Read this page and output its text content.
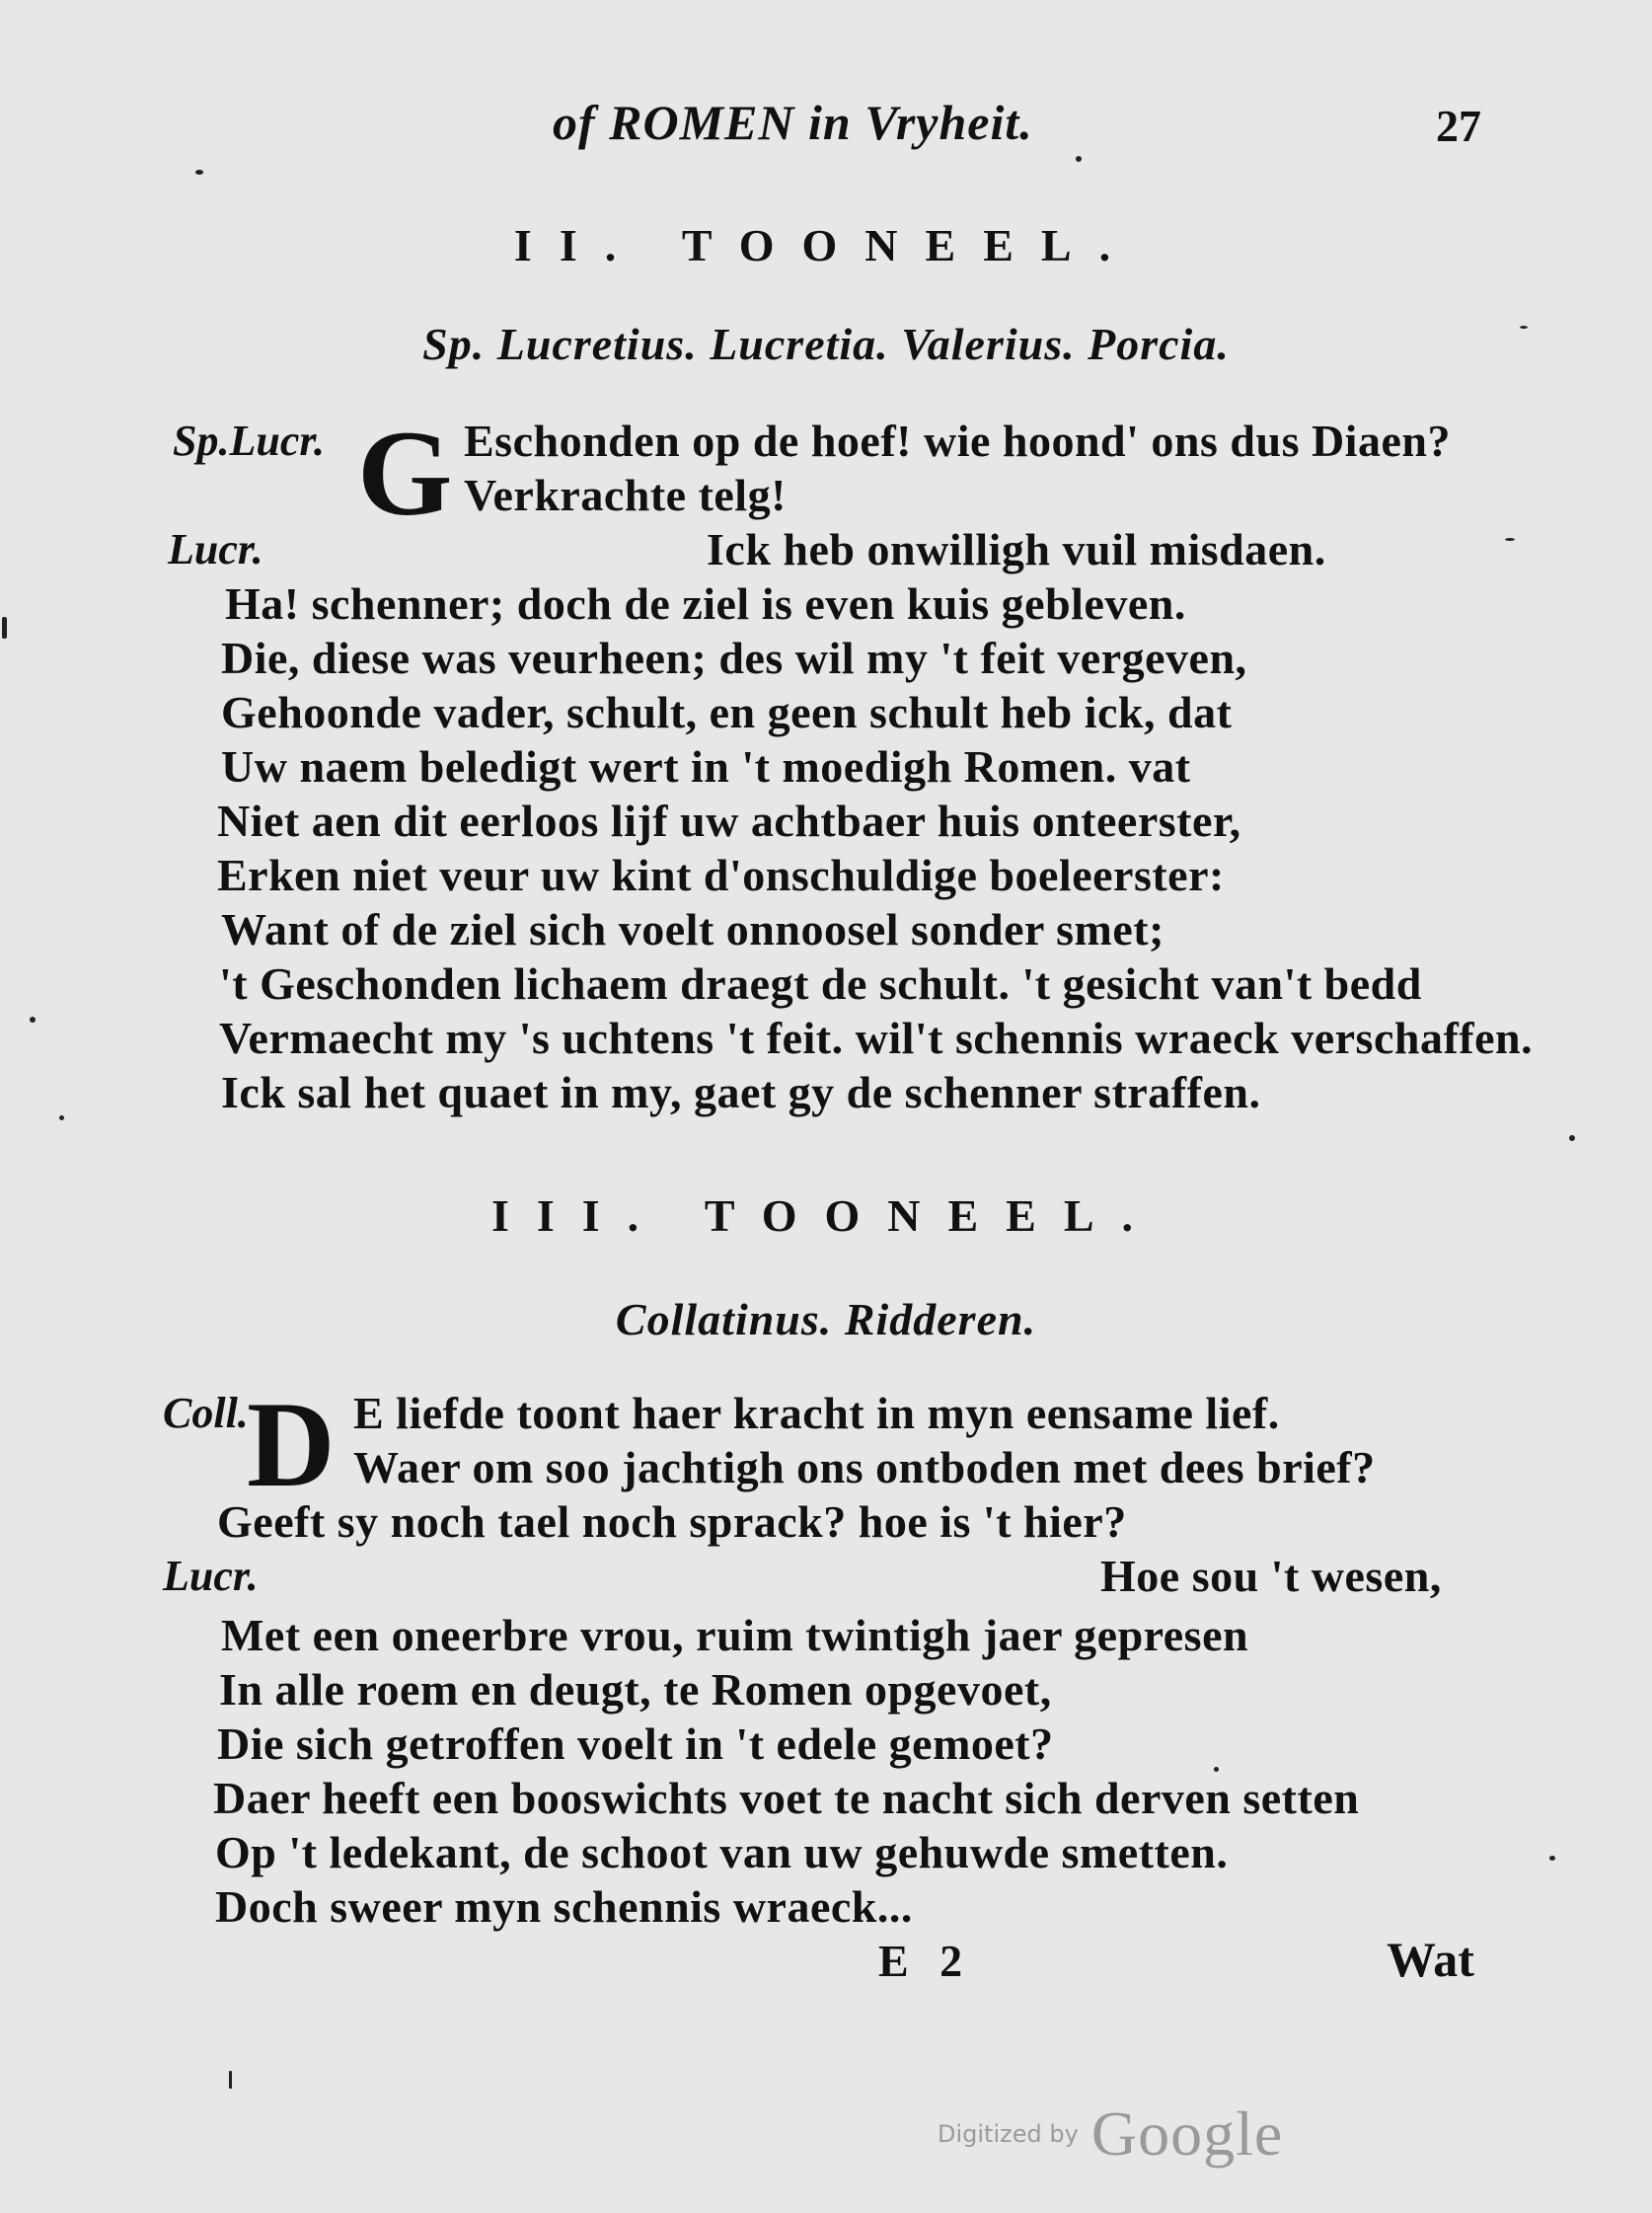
of ROMEN in Vryheit.	27
II. TOONEEL.
Sp. Lucretius. Lucretia. Valerius. Porcia.
Sp.Lucr. G Eschonden op de hoef! wie hoond' ons dus Diaen?
Verkrachte telg!
Lucr.	Ick heb onwilligh vuil misdaen.
Ha! schenner; doch de ziel is even kuis gebleven.
Die, diese was veurheen; des wil my 't feit vergeven,
Gehoonde vader, schult, en geen schult heb ick, dat
Uw naem beledigt wert in 't moedigh Romen. vat
Niet aen dit eerloos lijf uw achtbaer huis onteerster,
Erken niet veur uw kint d'onschuldige boeleerster:
Want of de ziel sich voelt onnoosel sonder smet;
't Geschonden lichaem draegt de schult. 't gesicht van't bedd
Vermaecht my 's uchtens 't feit. wil't schennis wraeck verschaffen.
Ick sal het quaet in my, gaet gy de schenner straffen.
III. TOONEEL.
Collatinus. Ridderen.
Coll.
D E liefde toont haer kracht in myn eensame lief.
Waer om soo jachtigh ons ontboden met dees brief?
Geeft sy noch tael noch sprack? hoe is 't hier?
Lucr.	Hoe sou 't wesen,
Met een oneerbre vrou, ruim twintigh jaer gepresen
In alle roem en deugt, te Romen opgevoet,
Die sich getroffen voelt in 't edele gemoet?
Daer heeft een booswichts voet te nacht sich derven setten
Op 't ledekant, de schoot van uw gehuwde smetten.
Doch sweer myn schennis wraeck...
E 2	Wat
Digitized by Google
